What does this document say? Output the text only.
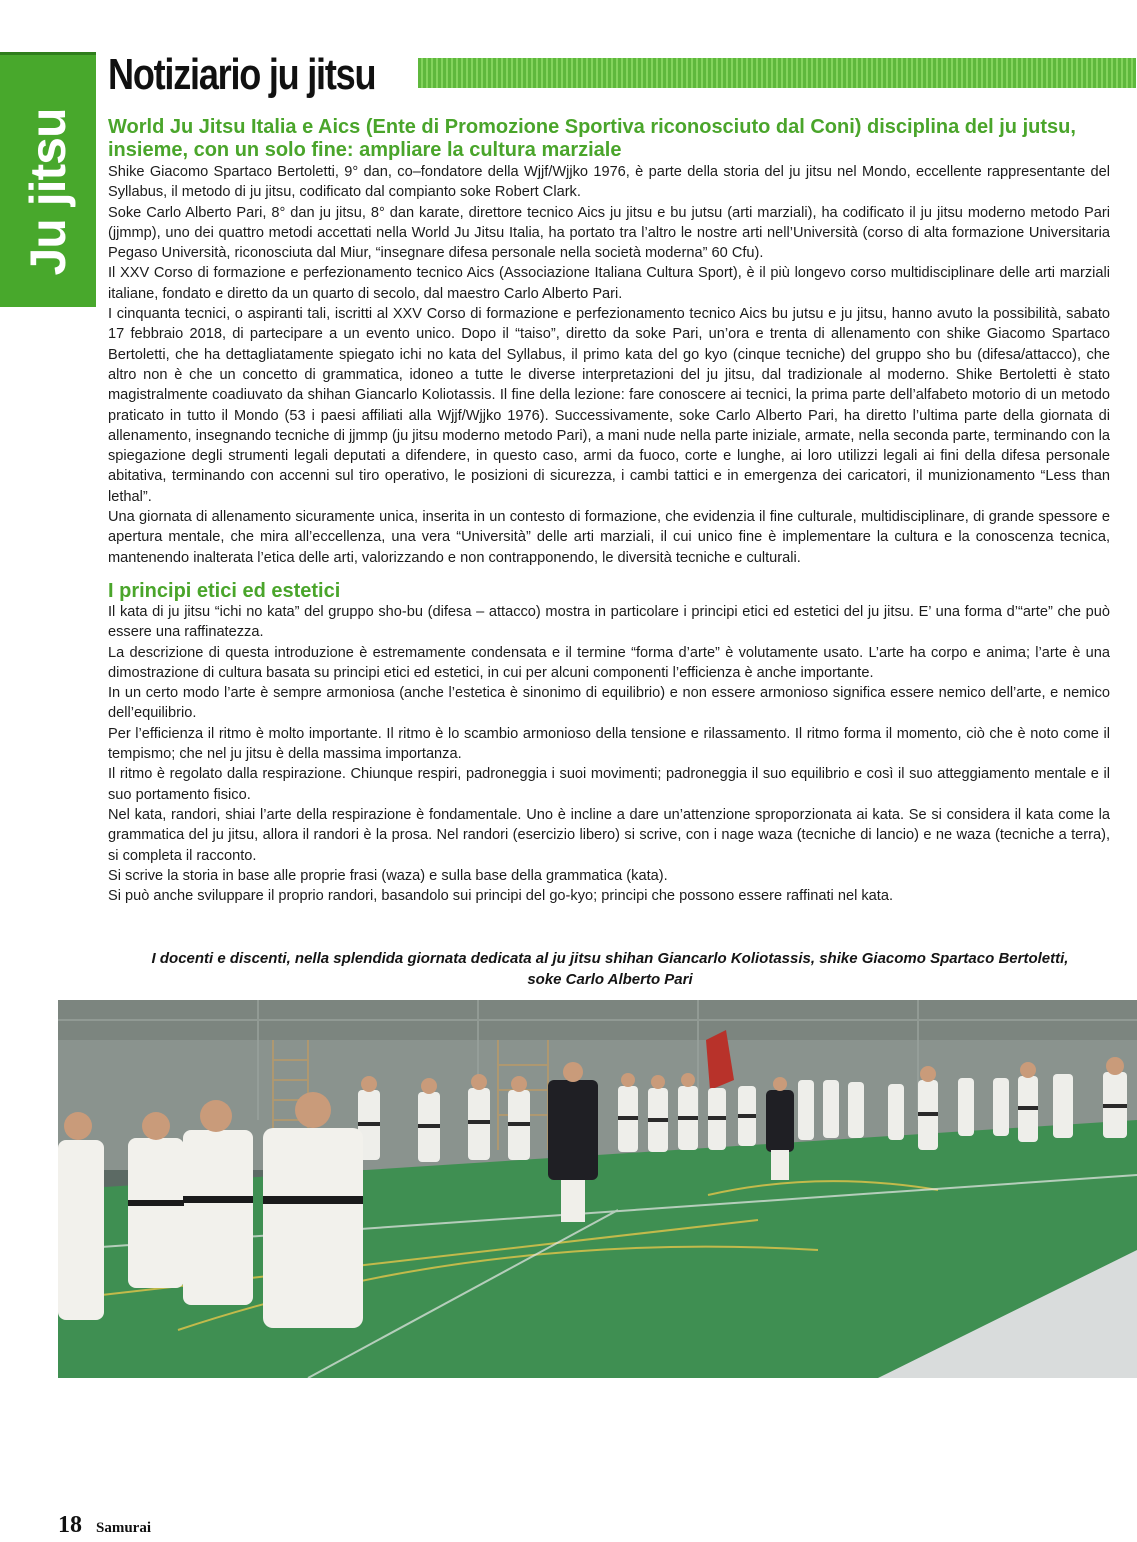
Ju jitsu
Notiziario ju jitsu
World Ju Jitsu Italia e Aics (Ente di Promozione Sportiva riconosciuto dal Coni) disciplina del ju jutsu, insieme, con un solo fine: ampliare la cultura marziale

Shike Giacomo Spartaco Bertoletti, 9° dan, co–fondatore della Wjjf/Wjjko 1976, è parte della storia del ju jitsu nel Mondo, eccellente rappresentante del Syllabus, il metodo di ju jitsu, codificato dal compianto soke Robert Clark.

Soke Carlo Alberto Pari, 8° dan ju jitsu, 8° dan karate, direttore tecnico Aics ju jitsu e bu jutsu (arti marziali), ha codificato il ju jitsu moderno metodo Pari (jjmmp), uno dei quattro metodi accettati nella World Ju Jitsu Italia, ha portato tra l’altro le nostre arti nell’Università (corso di alta formazione Universitaria Pegaso Università, riconosciuta dal Miur, “insegnare difesa personale nella società moderna” 60 Cfu).

Il XXV Corso di formazione e perfezionamento tecnico Aics (Associazione Italiana Cultura Sport), è il più longevo corso multidisciplinare delle arti marziali italiane, fondato e diretto da un quarto di secolo, dal maestro Carlo Alberto Pari.

I cinquanta tecnici, o aspiranti tali, iscritti al XXV Corso di formazione e perfezionamento tecnico Aics bu jutsu e ju jitsu, hanno avuto la possibilità, sabato 17 febbraio 2018, di partecipare a un evento unico. Dopo il “taiso”, diretto da soke Pari, un’ora e trenta di allenamento con shike Giacomo Spartaco Bertoletti, che ha dettagliatamente spiegato ichi no kata del Syllabus, il primo kata del go kyo (cinque tecniche) del gruppo sho bu (difesa/attacco), che altro non è che un concetto di grammatica, idoneo a tutte le diverse interpretazioni del ju jitsu, dal tradizionale al moderno. Shike Bertoletti è stato magistralmente coadiuvato da shihan Giancarlo Koliotassis. Il fine della lezione: fare conoscere ai tecnici, la prima parte dell’alfabeto motorio di un metodo praticato in tutto il Mondo (53 i paesi affiliati alla Wjjf/Wjjko 1976). Successivamente, soke Carlo Alberto Pari, ha diretto l’ultima parte della giornata di allenamento, insegnando tecniche di jjmmp (ju jitsu moderno metodo Pari), a mani nude nella parte iniziale, armate, nella seconda parte, terminando con la spiegazione degli strumenti legali deputati a difendere, in questo caso, armi da fuoco, corte e lunghe, ai loro utilizzi legali ai fini della difesa personale abitativa, terminando con accenni sul tiro operativo, le posizioni di sicurezza, i cambi tattici e in emergenza dei caricatori, il munizionamento “Less than lethal”.

Una giornata di allenamento sicuramente unica, inserita in un contesto di formazione, che evidenzia il fine culturale, multidisciplinare, di grande spessore e apertura mentale, che mira all’eccellenza, una vera “Università” delle arti marziali, il cui unico fine è implementare la cultura e la conoscenza tecnica, mantenendo inalterata l’etica delle arti, valorizzando e non contrapponendo, le diversità tecniche e culturali.

I principi etici ed estetici

Il kata di ju jitsu “ichi no kata” del gruppo sho-bu (difesa – attacco) mostra in particolare i principi etici ed estetici del ju jitsu. E’ una forma d’“arte” che può essere una raffinatezza.

La descrizione di questa introduzione è estremamente condensata e il termine “forma d’arte” è volutamente usato. L’arte ha corpo e anima; l’arte è una dimostrazione di cultura basata su principi etici ed estetici, in cui per alcuni componenti l’efficienza è anche importante.

In un certo modo l’arte è sempre armoniosa (anche l’estetica è sinonimo di equilibrio) e non essere armonioso significa essere nemico dell’arte, e nemico dell’equilibrio.

Per l’efficienza il ritmo è molto importante. Il ritmo è lo scambio armonioso della tensione e rilassamento. Il ritmo forma il momento, ciò che è noto come il tempismo; che nel ju jitsu è della massima importanza.

Il ritmo è regolato dalla respirazione. Chiunque respiri, padroneggia i suoi movimenti; padroneggia il suo equilibrio e così il suo atteggiamento mentale e il suo portamento fisico.

Nel kata, randori, shiai l’arte della respirazione è fondamentale. Uno è incline a dare un’attenzione sproporzionata ai kata. Se si considera il kata come la grammatica del ju jitsu, allora il randori è la prosa. Nel randori (esercizio libero) si scrive, con i nage waza (tecniche di lancio) e ne waza (tecniche a terra), si completa il racconto.

Si scrive la storia in base alle proprie frasi (waza) e sulla base della grammatica (kata).

Si può anche sviluppare il proprio randori, basandolo sui principi del go-kyo; principi che possono essere raffinati nel kata.

I docenti e discenti, nella splendida giornata dedicata al ju jitsu shihan Giancarlo Koliotassis, shike Giacomo Spartaco Bertoletti,
soke Carlo Alberto Pari
18 Samurai
